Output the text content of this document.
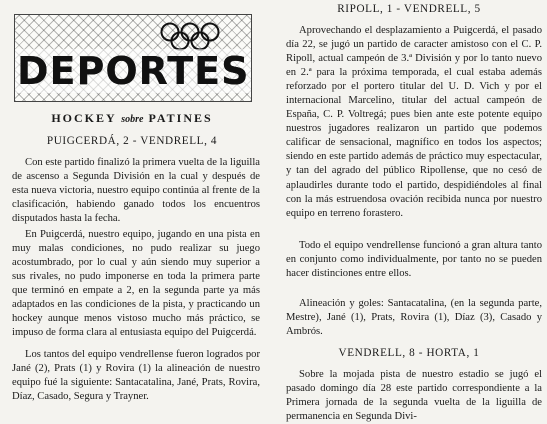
DEPORTES
HOCKEY sobre PATINES
PUIGCERDÁ, 2 - VENDRELL, 4

Con este partido finalizó la primera vuelta de la liguilla de ascenso a Segunda División en la cual y después de esta nueva victoria, nuestro equipo continúa al frente de la clasificación, habiendo ganado todos los encuentros disputados hasta la fecha.

En Puigcerdá, nuestro equipo, jugando en una pista en muy malas condiciones, no pudo realizar su juego acostumbrado, por lo cual y aún siendo muy superior a sus rivales, no pudo imponerse en toda la primera parte que terminó en empate a 2, en la segunda parte ya más adaptados en las condiciones de la pista, y practicando un hockey aunque menos vistoso mucho más práctico, se impuso de forma clara al entusiasta equipo del Puigcerdá.

Los tantos del equipo vendrellense fueron logrados por Jané (2), Prats (1) y Rovira (1) la alineación de nuestro equipo fué la siguiente: Santacatalina, Jané, Prats, Rovira, Díaz, Casado, Segura y Trayner.

RIPOLL, 1 - VENDRELL, 5

Aprovechando el desplazamiento a Puigcerdá, el pasado día 22, se jugó un partido de caracter amistoso con el C. P. Ripoll, actual campeón de 3.ª División y por lo tanto nuevo en 2.ª para la próxima temporada, el cual estaba además reforzado por el portero titular del U. D. Vich y por el internacional Marcelino, titular del actual campeón de España, C. P. Voltregá; pues bien ante este potente equipo nuestros jugadores realizaron un partido que podemos calificar de sensacional, magnífico en todos los aspectos; siendo en este partido además de práctico muy espectacular, y tan del agrado del público Ripollense, que no cesó de aplaudirles durante todo el partido, despidiéndoles al final con la más estruendosa ovación recibida nunca por nuestro equipo en terreno forastero.

Todo el equipo vendrellense funcionó a gran altura tanto en conjunto como individualmente, por tanto no se pueden hacer distinciones entre ellos.

Alineación y goles: Santacatalina, (en la segunda parte, Mestre), Jané (1), Prats, Rovira (1), Díaz (3), Casado y Ambrós.

VENDRELL, 8 - HORTA, 1

Sobre la mojada pista de nuestro estadio se jugó el pasado domingo día 28 este partido correspondiente a la Primera jornada de la segunda vuelta de la liguilla de permanencia en Segunda Divi-
